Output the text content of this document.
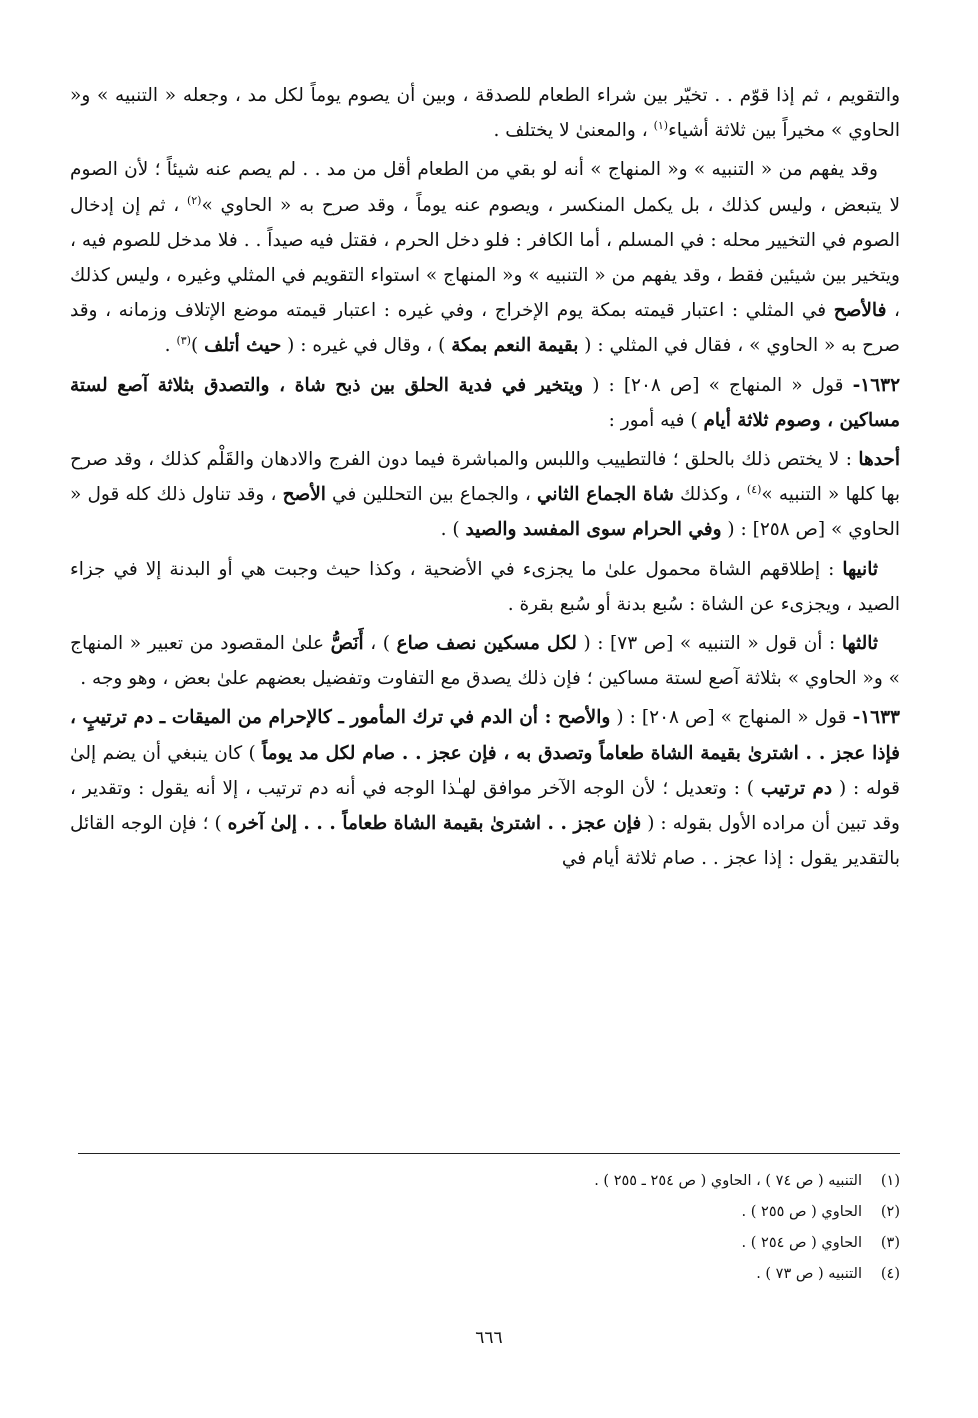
والتقويم ، ثم إذا قوّم . . تخيّر بين شراء الطعام للصدقة ، وبين أن يصوم يوماً لكل مد ، وجعله « التنبيه » و« الحاوي » مخيراً بين ثلاثة أشياء$^{(١)}$ ، والمعنىٰ لا يختلف .

وقد يفهم من « التنبيه » و« المنهاج » أنه لو بقي من الطعام أقل من مد . . لم يصم عنه شيئاً ؛ لأن الصوم لا يتبعض ، وليس كذلك ، بل يكمل المنكسر ، ويصوم عنه يوماً ، وقد صرح به « الحاوي »$^{(٢)}$ ، ثم إن إدخال الصوم في التخيير محله : في المسلم ، أما الكافر : فلو دخل الحرم ، فقتل فيه صيداً . . فلا مدخل للصوم فيه ، ويتخير بين شيئين فقط ، وقد يفهم من « التنبيه » و« المنهاج » استواء التقويم في المثلي وغيره ، وليس كذلك ، فالأصح في المثلي : اعتبار قيمته بمكة يوم الإخراج ، وفي غيره : اعتبار قيمته موضع الإتلاف وزمانه ، وقد صرح به « الحاوي » ، فقال في المثلي : ( بقيمة النعم بمكة ) ، وقال في غيره : ( حيث أتلف )$^{(٣)}$ .

١٦٣٢- قول « المنهاج » [ص ٢٠٨] : ( ويتخير في فدية الحلق بين ذبح شاة ، والتصدق بثلاثة آصع لستة مساكين ، وصوم ثلاثة أيام ) فيه أمور :

أحدها : لا يختص ذلك بالحلق ؛ فالتطييب واللبس والمباشرة فيما دون الفرج والادهان والقَلْم كذلك ، وقد صرح بها كلها « التنبيه »$^{(٤)}$ ، وكذلك شاة الجماع الثاني ، والجماع بين التحللين في الأصح ، وقد تناول ذلك كله قول « الحاوي » [ص ٢٥٨] : ( وفي الحرام سوى المفسد والصيد ) .

ثانيها : إطلاقهم الشاة محمول علىٰ ما يجزىء في الأضحية ، وكذا حيث وجبت هي أو البدنة إلا في جزاء الصيد ، ويجزىء عن الشاة : سُبع بدنة أو سُبع بقرة .

ثالثها : أن قول « التنبيه » [ص ٧٣] : ( لكل مسكين نصف صاع ) ، أَنَصُّ علىٰ المقصود من تعبير « المنهاج » و« الحاوي » بثلاثة آصع لستة مساكين ؛ فإن ذلك يصدق مع التفاوت وتفضيل بعضهم علىٰ بعض ، وهو وجه .

١٦٣٣- قول « المنهاج » [ص ٢٠٨] : ( والأصح : أن الدم في ترك المأمور ـ كالإحرام من الميقات ـ دم ترتيبٍ ، فإذا عجز . . اشترىٰ بقيمة الشاة طعاماً وتصدق به ، فإن عجز . . صام لكل مد يوماً ) كان ينبغي أن يضم إلىٰ قوله : ( دم ترتيب ) : وتعديل ؛ لأن الوجه الآخر موافق لهـٰذا الوجه في أنه دم ترتيب ، إلا أنه يقول : وتقدير ، وقد تبين أن مراده الأول بقوله : ( فإن عجز . . اشترىٰ بقيمة الشاة طعاماً . . . إلىٰ آخره ) ؛ فإن الوجه القائل بالتقدير يقول : إذا عجز . . صام ثلاثة أيام في

(١)
التنبيه ( ص ٧٤ ) ، الحاوي ( ص ٢٥٤ ـ ٢٥٥ ) .
(٢)
الحاوي ( ص ٢٥٥ ) .
(٣)
الحاوي ( ص ٢٥٤ ) .
(٤)
التنبيه ( ص ٧٣ ) .
٦٦٦
